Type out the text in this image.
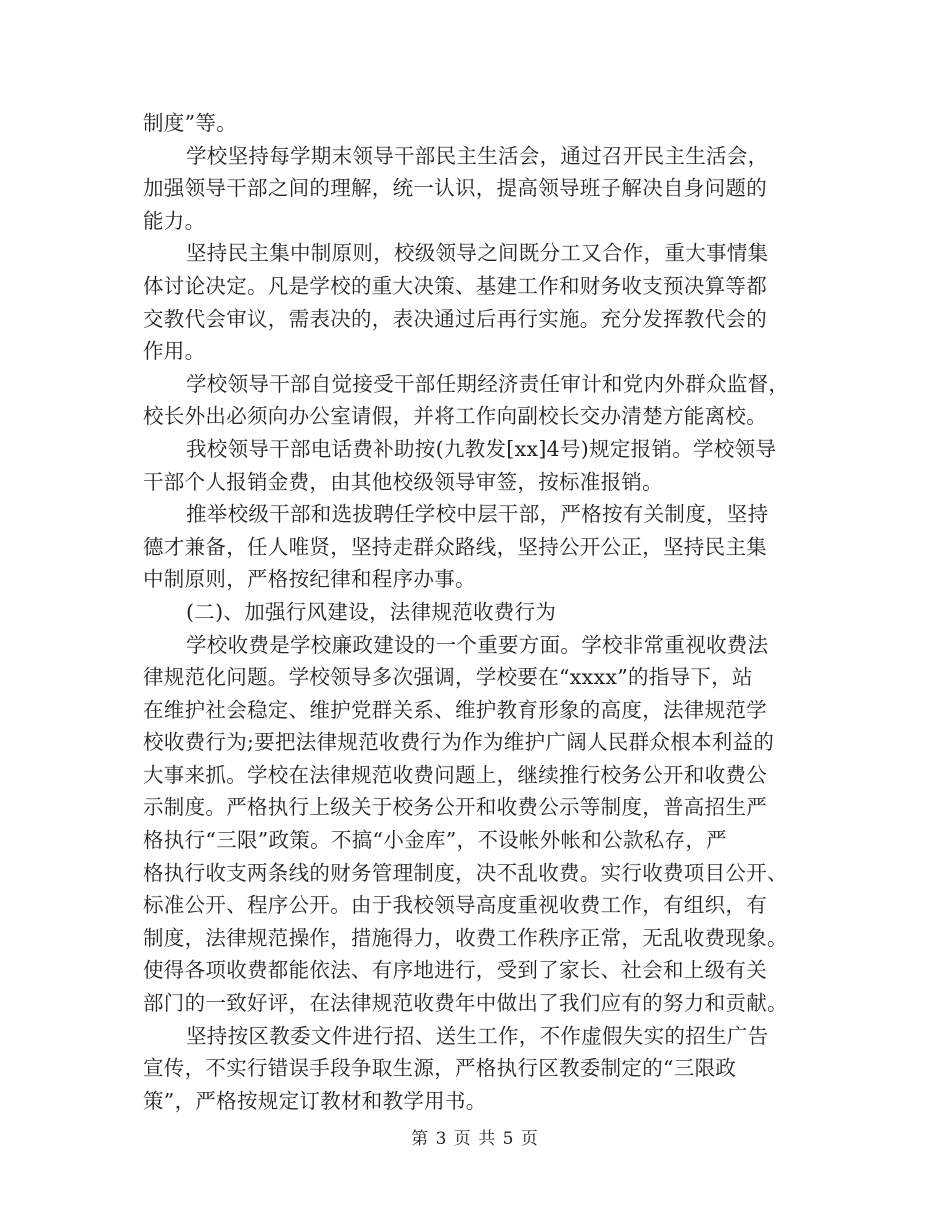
制度”等。
学校坚持每学期末领导干部民主生活会，通过召开民主生活会，
加强领导干部之间的理解，统一认识，提高领导班子解决自身问题的
能力。
坚持民主集中制原则，校级领导之间既分工又合作，重大事情集
体讨论决定。凡是学校的重大决策、基建工作和财务收支预决算等都
交教代会审议，需表决的，表决通过后再行实施。充分发挥教代会的
作用。
学校领导干部自觉接受干部任期经济责任审计和党内外群众监督，
校长外出必须向办公室请假，并将工作向副校长交办清楚方能离校。
我校领导干部电话费补助按(九教发[xx]4号)规定报销。学校领导
干部个人报销金费，由其他校级领导审签，按标准报销。
推举校级干部和选拔聘任学校中层干部，严格按有关制度，坚持
德才兼备，任人唯贤，坚持走群众路线，坚持公开公正，坚持民主集
中制原则，严格按纪律和程序办事。
(二)、加强行风建设，法律规范收费行为
学校收费是学校廉政建设的一个重要方面。学校非常重视收费法
律规范化问题。学校领导多次强调，学校要在“xxxx”的指导下，站
在维护社会稳定、维护党群关系、维护教育形象的高度，法律规范学
校收费行为;要把法律规范收费行为作为维护广阔人民群众根本利益的
大事来抓。学校在法律规范收费问题上，继续推行校务公开和收费公
示制度。严格执行上级关于校务公开和收费公示等制度，普高招生严
格执行“三限”政策。不搞“小金库”，不设帐外帐和公款私存，严
格执行收支两条线的财务管理制度，决不乱收费。实行收费项目公开、
标准公开、程序公开。由于我校领导高度重视收费工作，有组织，有
制度，法律规范操作，措施得力，收费工作秩序正常，无乱收费现象。
使得各项收费都能依法、有序地进行，受到了家长、社会和上级有关
部门的一致好评，在法律规范收费年中做出了我们应有的努力和贡献。
坚持按区教委文件进行招、送生工作，不作虚假失实的招生广告
宣传，不实行错误手段争取生源，严格执行区教委制定的“三限政
策”，严格按规定订教材和教学用书。
第 3 页 共 5 页
